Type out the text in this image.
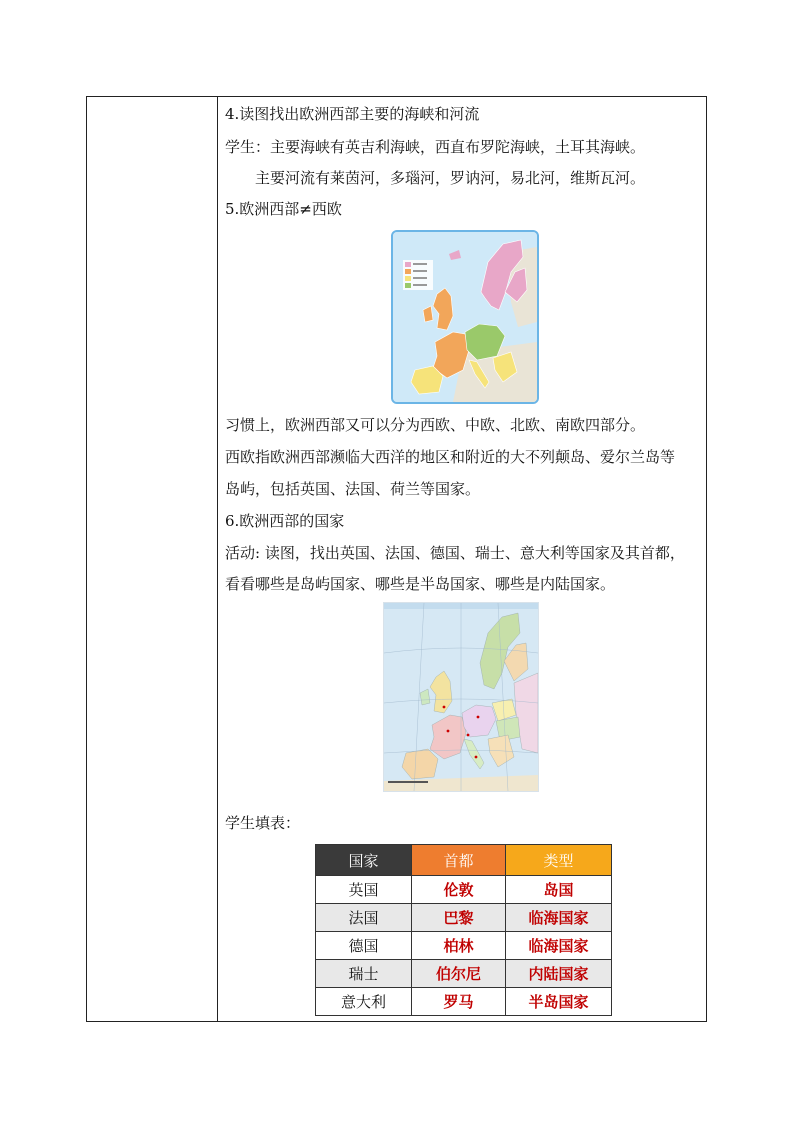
4.读图找出欧洲西部主要的海峡和河流
学生：主要海峡有英吉利海峡，西直布罗陀海峡，土耳其海峡。
主要河流有莱茵河，多瑙河，罗讷河，易北河，维斯瓦河。
5.欧洲西部≠西欧
习惯上，欧洲西部又可以分为西欧、中欧、北欧、南欧四部分。
西欧指欧洲西部濒临大西洋的地区和附近的大不列颠岛、爱尔兰岛等
岛屿，包括英国、法国、荷兰等国家。
6.欧洲西部的国家
活动: 读图，找出英国、法国、德国、瑞士、意大利等国家及其首都，
看看哪些是岛屿国家、哪些是半岛国家、哪些是内陆国家。
学生填表：
国家	首都	类型
英国	伦敦	岛国
法国	巴黎	临海国家
德国	柏林	临海国家
瑞士	伯尔尼	内陆国家
意大利	罗马	半岛国家
